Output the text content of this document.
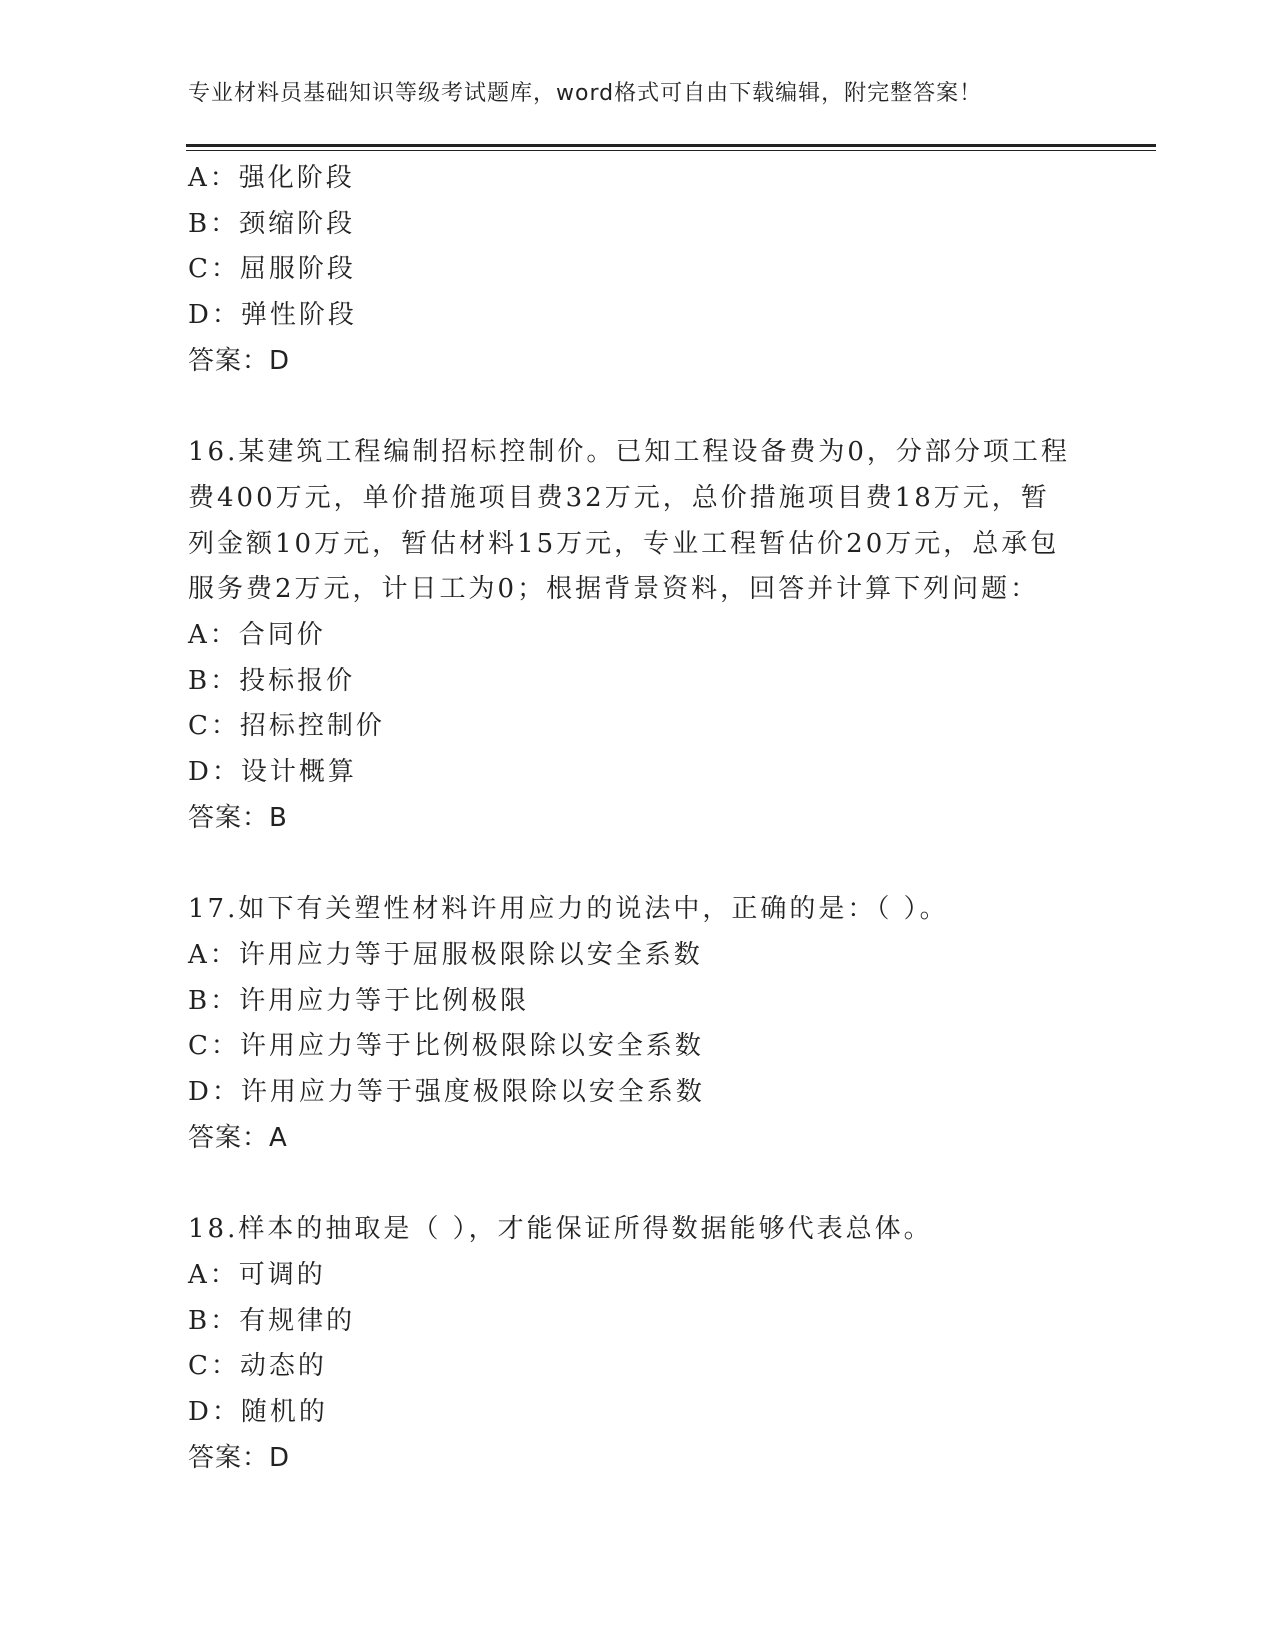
专业材料员基础知识等级考试题库，word格式可自由下载编辑，附完整答案！
A：强化阶段
B：颈缩阶段
C：屈服阶段
D：弹性阶段
答案：D
16.某建筑工程编制招标控制价。已知工程设备费为0，分部分项工程
费400万元，单价措施项目费32万元，总价措施项目费18万元，暂
列金额10万元，暂估材料15万元，专业工程暂估价20万元，总承包
服务费2万元，计日工为0；根据背景资料，回答并计算下列问题：
A：合同价
B：投标报价
C：招标控制价
D：设计概算
答案：B
17.如下有关塑性材料许用应力的说法中，正确的是：（ ）。
A：许用应力等于屈服极限除以安全系数
B：许用应力等于比例极限
C：许用应力等于比例极限除以安全系数
D：许用应力等于强度极限除以安全系数
答案：A
18.样本的抽取是（ ），才能保证所得数据能够代表总体。
A：可调的
B：有规律的
C：动态的
D：随机的
答案：D
